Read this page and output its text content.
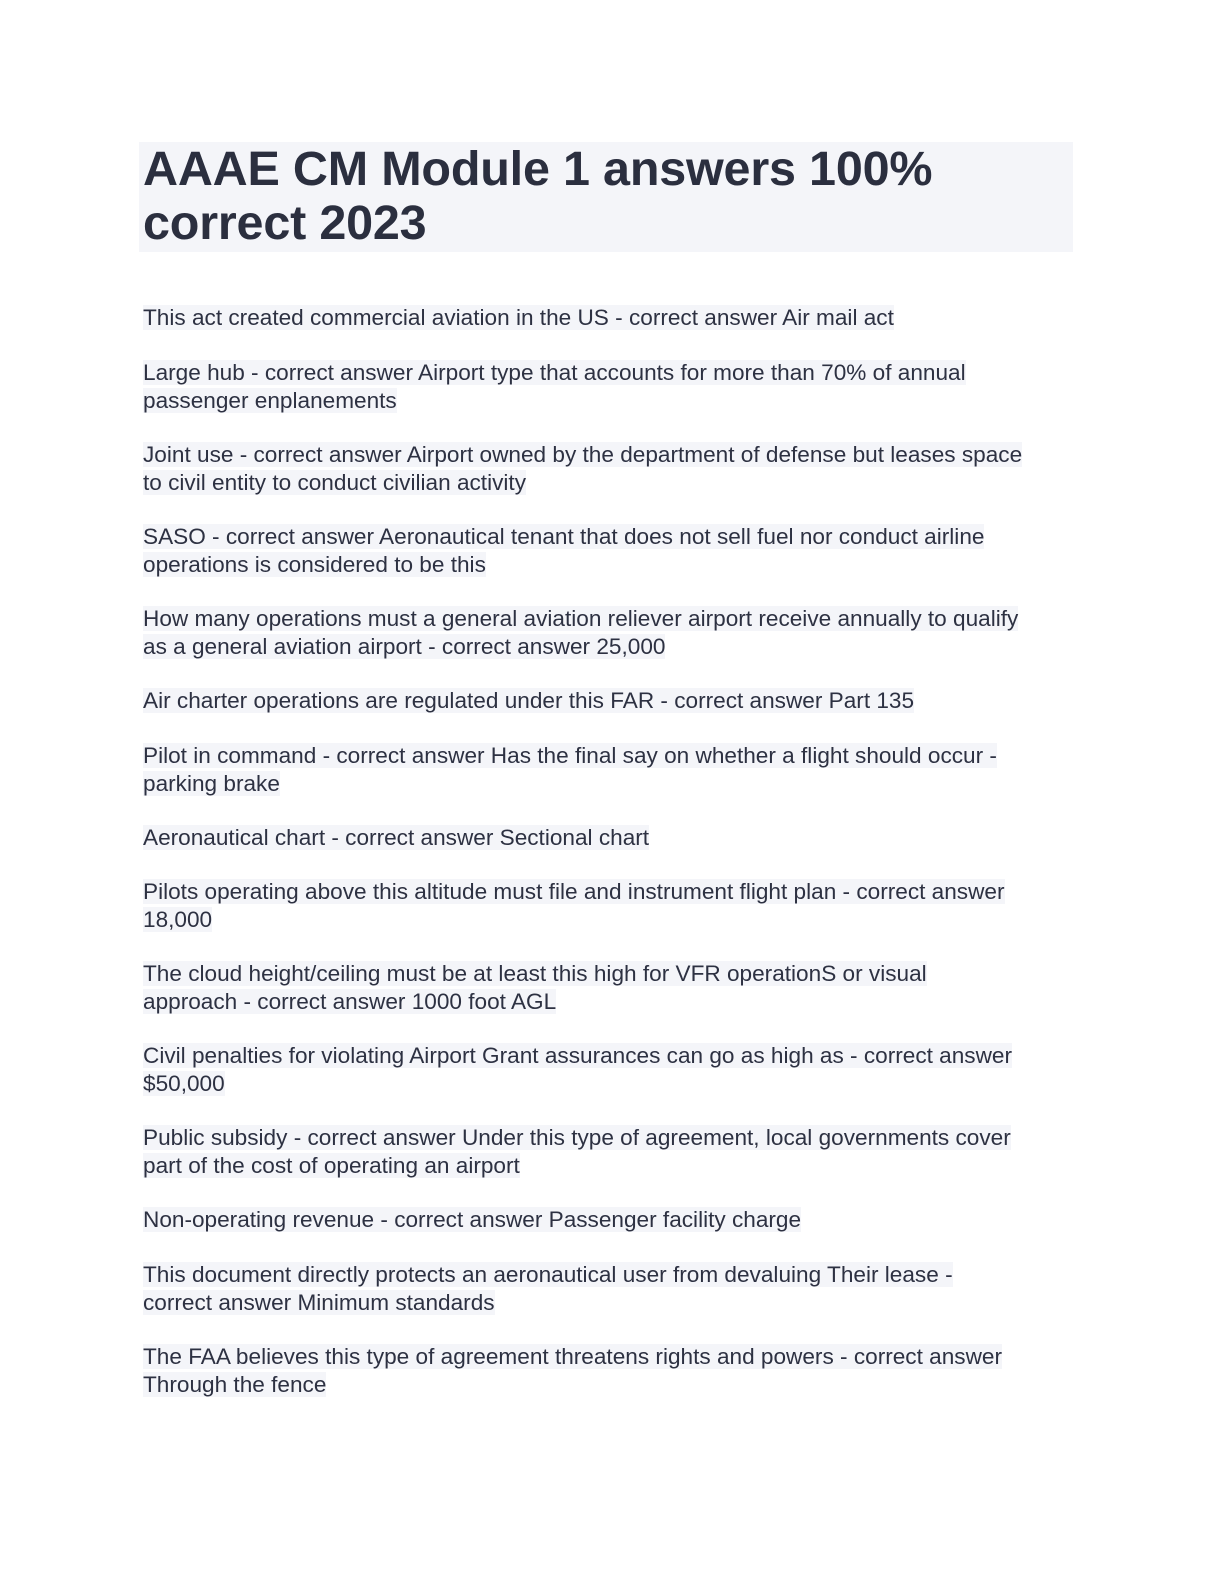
AAAE CM Module 1 answers 100%
correct 2023
This act created commercial aviation in the US - correct answer Air mail act
Large hub - correct answer Airport type that accounts for more than 70% of annual
passenger enplanements
Joint use - correct answer Airport owned by the department of defense but leases space
to civil entity to conduct civilian activity
SASO - correct answer Aeronautical tenant that does not sell fuel nor conduct airline
operations is considered to be this
How many operations must a general aviation reliever airport receive annually to qualify
as a general aviation airport - correct answer 25,000
Air charter operations are regulated under this FAR - correct answer Part 135
Pilot in command - correct answer Has the final say on whether a flight should occur -
parking brake
Aeronautical chart - correct answer Sectional chart
Pilots operating above this altitude must file and instrument flight plan - correct answer
18,000
The cloud height/ceiling must be at least this high for VFR operationS or visual
approach - correct answer 1000 foot AGL
Civil penalties for violating Airport Grant assurances can go as high as - correct answer
$50,000
Public subsidy - correct answer Under this type of agreement, local governments cover
part of the cost of operating an airport
Non-operating revenue - correct answer Passenger facility charge
This document directly protects an aeronautical user from devaluing Their lease -
correct answer Minimum standards
The FAA believes this type of agreement threatens rights and powers - correct answer
Through the fence
